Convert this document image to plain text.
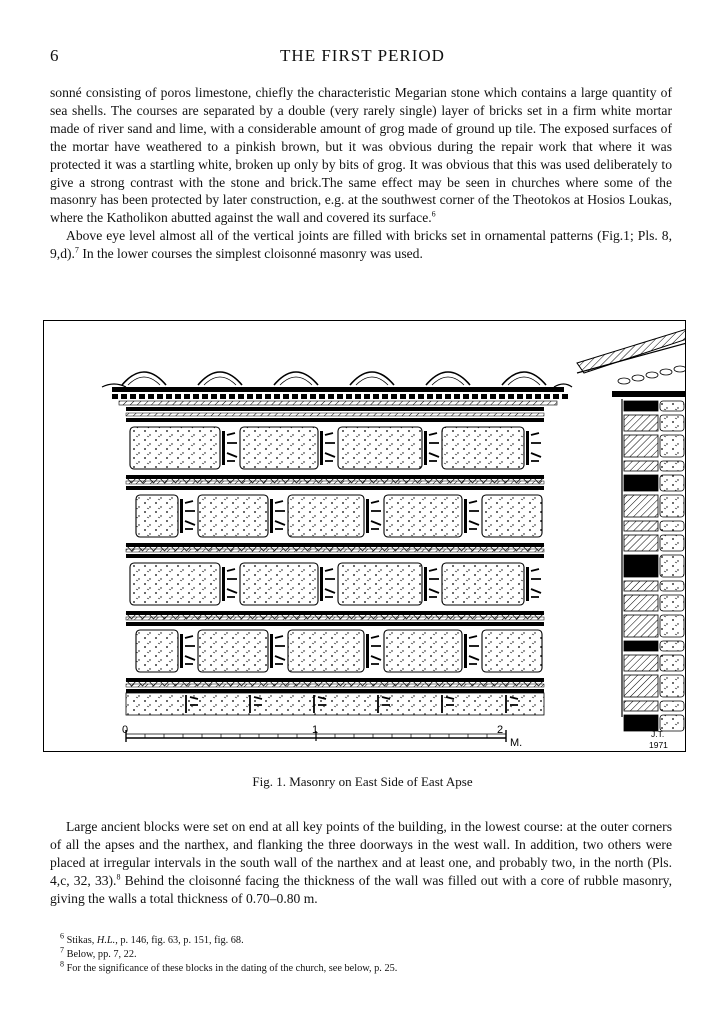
6	THE FIRST PERIOD

sonné consisting of poros limestone, chiefly the characteristic Megarian stone which contains a large quantity of sea shells. The courses are separated by a double (very rarely single) layer of bricks set in a firm white mortar made of river sand and lime, with a considerable amount of grog made of ground up tile. The exposed surfaces of the mortar have weathered to a pinkish brown, but it was obvious during the repair work that where it was protected it was a startling white, broken up only by bits of grog. It was obvious that this was used deliberately to give a strong contrast with the stone and brick.The same effect may be seen in churches where some of the masonry has been protected by later construction, e.g. at the southwest corner of the Theotokos at Hosios Loukas, where the Katholikon abutted against the wall and covered its surface.$^6$

Above eye level almost all of the vertical joints are filled with bricks set in ornamental patterns (Fig.1; Pls. 8, 9,d).$^7$ In the lower courses the simplest cloisonné masonry was used.

0	1	2
M.
J.T.
1971
Fig. 1. Masonry on East Side of East Apse

Large ancient blocks were set on end at all key points of the building, in the lowest course: at the outer corners of all the apses and the narthex, and flanking the three doorways in the west wall. In addition, two others were placed at irregular intervals in the south wall of the narthex and at least one, and probably two, in the north (Pls. 4,c, 32, 33).$^8$ Behind the cloisonné facing the thickness of the wall was filled out with a core of rubble masonry, giving the walls a total thickness of 0.70–0.80 m.

$^6$ Stikas, H.L., p. 146, fig. 63, p. 151, fig. 68.

$^7$ Below, pp. 7, 22.

$^8$ For the significance of these blocks in the dating of the church, see below, p. 25.
